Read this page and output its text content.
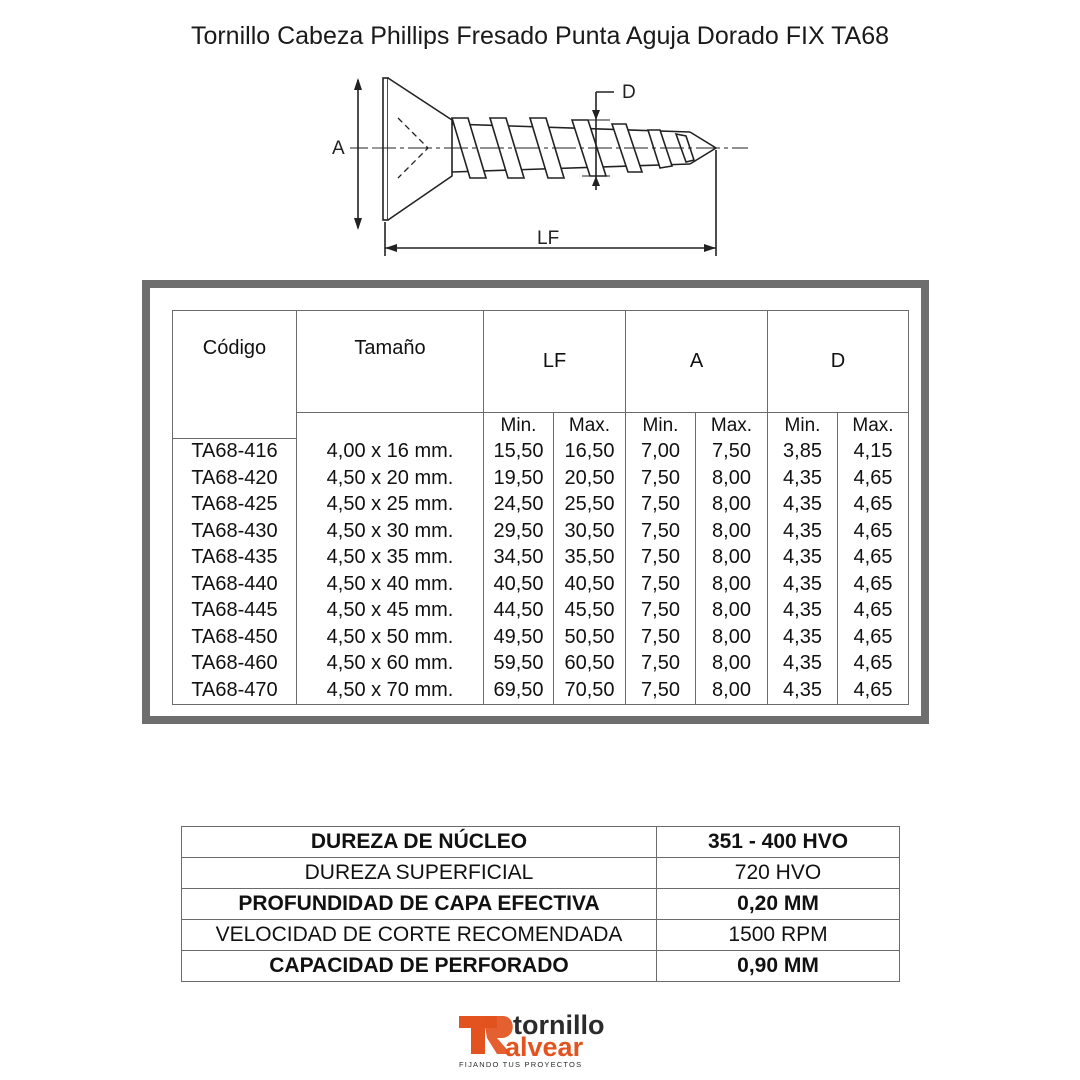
Tornillo Cabeza Phillips Fresado Punta Aguja Dorado FIX TA68
A
D
LF
Código	Tamaño	LF		A		D	
		Min.	Max.	Min.	Max.	Min.	Max.
TA68-416	4,00 x 16 mm.	15,50	16,50	7,00	7,50	3,85	4,15
TA68-420	4,50 x 20 mm.	19,50	20,50	7,50	8,00	4,35	4,65
TA68-425	4,50 x 25 mm.	24,50	25,50	7,50	8,00	4,35	4,65
TA68-430	4,50 x 30 mm.	29,50	30,50	7,50	8,00	4,35	4,65
TA68-435	4,50 x 35 mm.	34,50	35,50	7,50	8,00	4,35	4,65
TA68-440	4,50 x 40 mm.	40,50	40,50	7,50	8,00	4,35	4,65
TA68-445	4,50 x 45 mm.	44,50	45,50	7,50	8,00	4,35	4,65
TA68-450	4,50 x 50 mm.	49,50	50,50	7,50	8,00	4,35	4,65
TA68-460	4,50 x 60 mm.	59,50	60,50	7,50	8,00	4,35	4,65
TA68-470	4,50 x 70 mm.	69,50	70,50	7,50	8,00	4,35	4,65
DUREZA DE NÚCLEO	351 - 400 HVO
DUREZA SUPERFICIAL	720 HVO
PROFUNDIDAD DE CAPA EFECTIVA	0,20 MM
VELOCIDAD DE CORTE RECOMENDADA	1500 RPM
CAPACIDAD DE PERFORADO	0,90 MM
tornillo
alvear
FIJANDO TUS PROYECTOS
